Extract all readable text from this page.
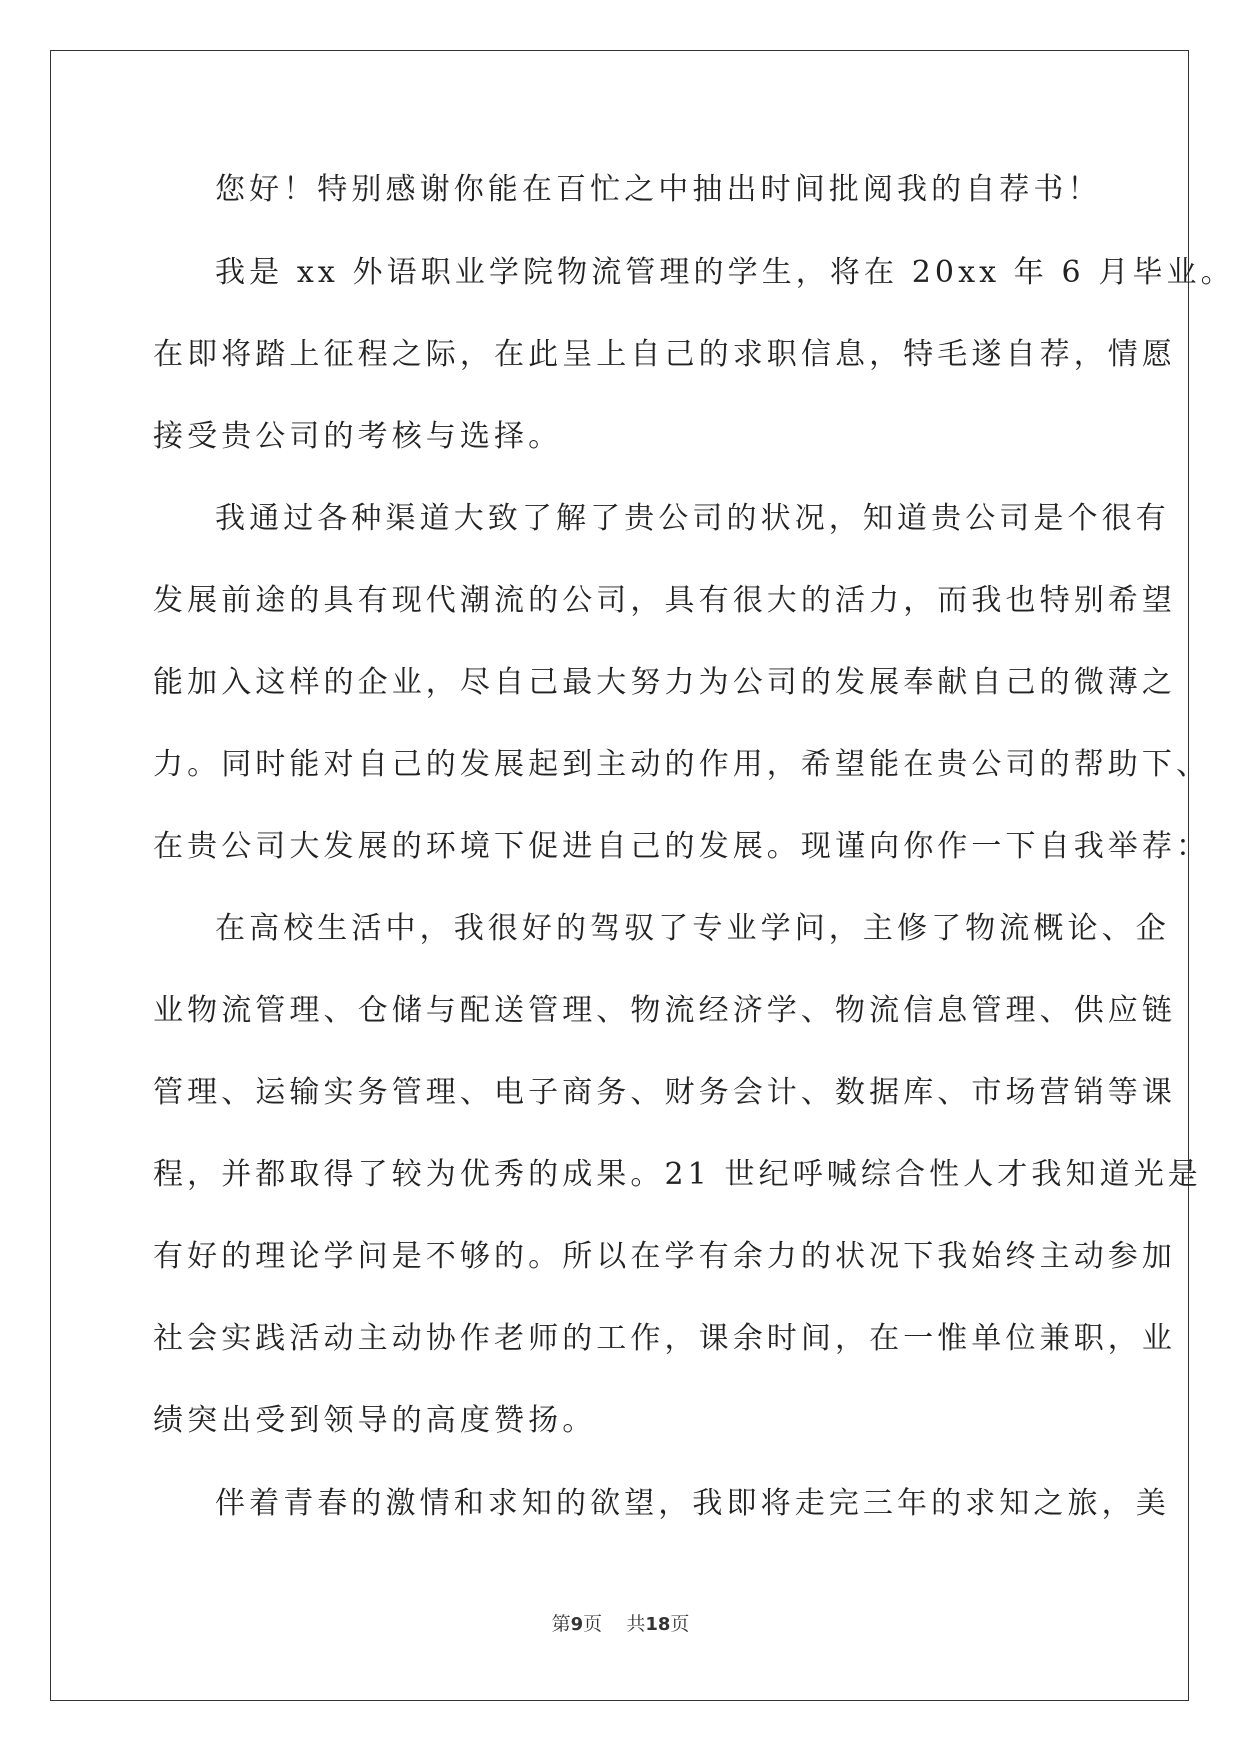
您好！特别感谢你能在百忙之中抽出时间批阅我的自荐书！
我是 xx 外语职业学院物流管理的学生，将在 20xx 年 6 月毕业。
在即将踏上征程之际，在此呈上自己的求职信息，特毛遂自荐，情愿
接受贵公司的考核与选择。
我通过各种渠道大致了解了贵公司的状况，知道贵公司是个很有
发展前途的具有现代潮流的公司，具有很大的活力，而我也特别希望
能加入这样的企业，尽自己最大努力为公司的发展奉献自己的微薄之
力。同时能对自己的发展起到主动的作用，希望能在贵公司的帮助下、
在贵公司大发展的环境下促进自己的发展。现谨向你作一下自我举荐：
在高校生活中，我很好的驾驭了专业学问，主修了物流概论、企
业物流管理、仓储与配送管理、物流经济学、物流信息管理、供应链
管理、运输实务管理、电子商务、财务会计、数据库、市场营销等课
程，并都取得了较为优秀的成果。21 世纪呼喊综合性人才我知道光是
有好的理论学问是不够的。所以在学有余力的状况下我始终主动参加
社会实践活动主动协作老师的工作，课余时间，在一惟单位兼职，业
绩突出受到领导的高度赞扬。
伴着青春的激情和求知的欲望，我即将走完三年的求知之旅，美
第9页 共18页
